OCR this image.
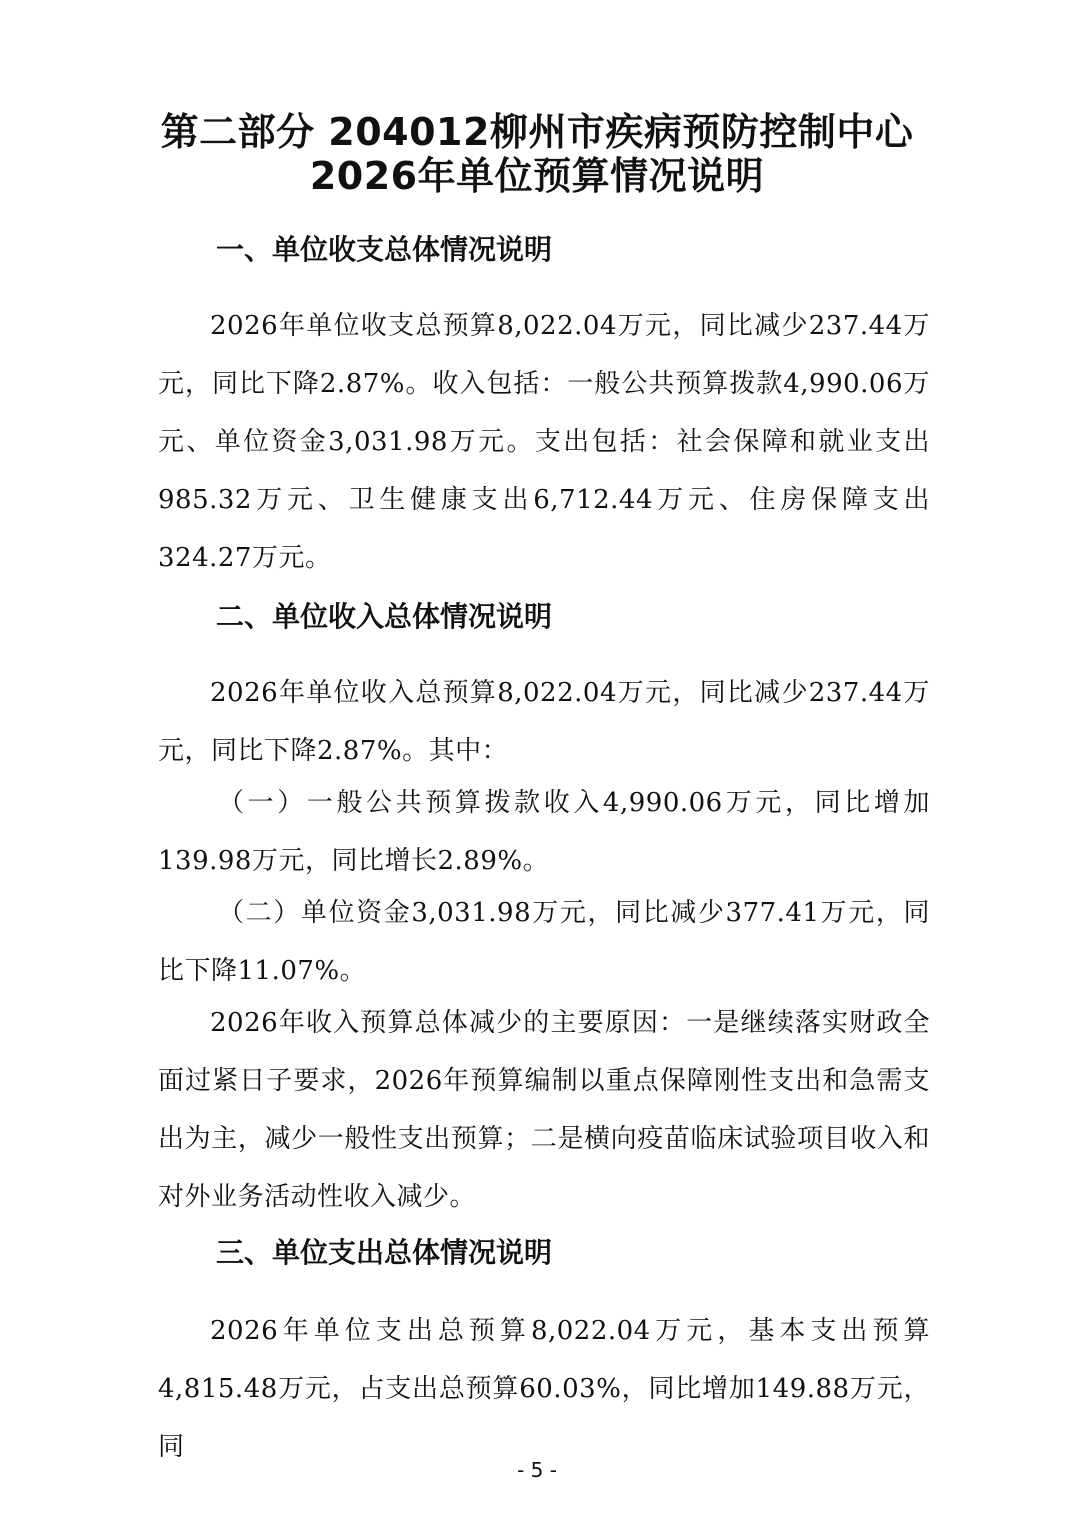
第二部分 204012柳州市疾病预防控制中心
2026年单位预算情况说明
一、单位收支总体情况说明
2026年单位收支总预算8,022.04万元，同比减少237.44万元，同比下降2.87%。收入包括：一般公共预算拨款4,990.06万元、单位资金3,031.98万元。支出包括：社会保障和就业支出985.32万元、卫生健康支出6,712.44万元、住房保障支出324.27万元。
二、单位收入总体情况说明
2026年单位收入总预算8,022.04万元，同比减少237.44万元，同比下降2.87%。其中：
（一）一般公共预算拨款收入4,990.06万元，同比增加139.98万元，同比增长2.89%。
（二）单位资金3,031.98万元，同比减少377.41万元，同比下降11.07%。
2026年收入预算总体减少的主要原因：一是继续落实财政全面过紧日子要求，2026年预算编制以重点保障刚性支出和急需支出为主，减少一般性支出预算；二是横向疫苗临床试验项目收入和对外业务活动性收入减少。
三、单位支出总体情况说明
2026年单位支出总预算8,022.04万元，基本支出预算4,815.48万元，占支出总预算60.03%，同比增加149.88万元，同
- 5 -
